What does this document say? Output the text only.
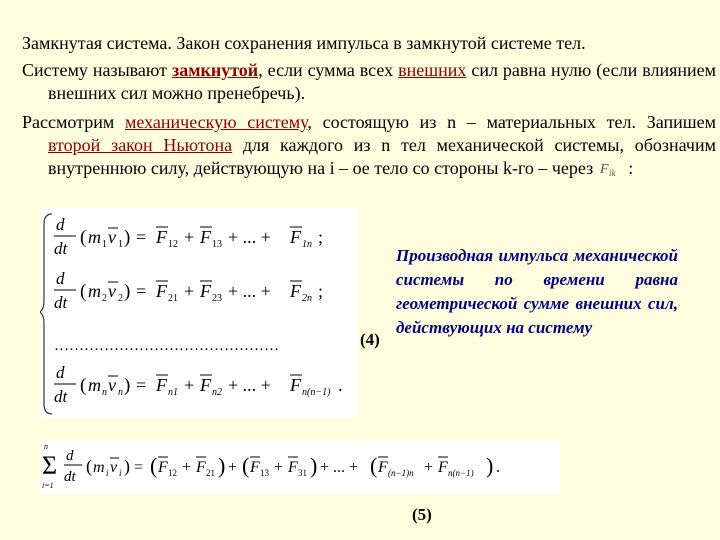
Замкнутая система. Закон сохранения импульса в замкнутой системе тел.
Систему называют замкнутой, если сумма всех внешних сил равна нулю (если влиянием внешних сил можно пренебречь).
Рассмотрим механическую систему, состоящую из n – материальных тел. Запишем второй закон Ньютона для каждого из n тел механической системы, обозначим внутреннюю силу, действующую на i – ое тело со стороны k-го – через F ik :
d
dt
( m 1 v 1 ) = F 12 + F 13 + ... + F 1n ;
d
dt
( m 2 v 2 ) = F 21 + F 23 + ... + F 2n ;
………………………………………
d
dt
( m n v n ) = F n1 + F n2 + ... + F n(n−1) .
(4)
Производная импульса механической системы по времени равна геометрической сумме внешних сил, действующих на систему
n
Σ
i=1
d
dt
( m i v i ) = ( F 12 + F 21 ) + ( F 13 + F 31 ) + ... + ( F (n−1)n + F n(n−1) ) .
(5)
